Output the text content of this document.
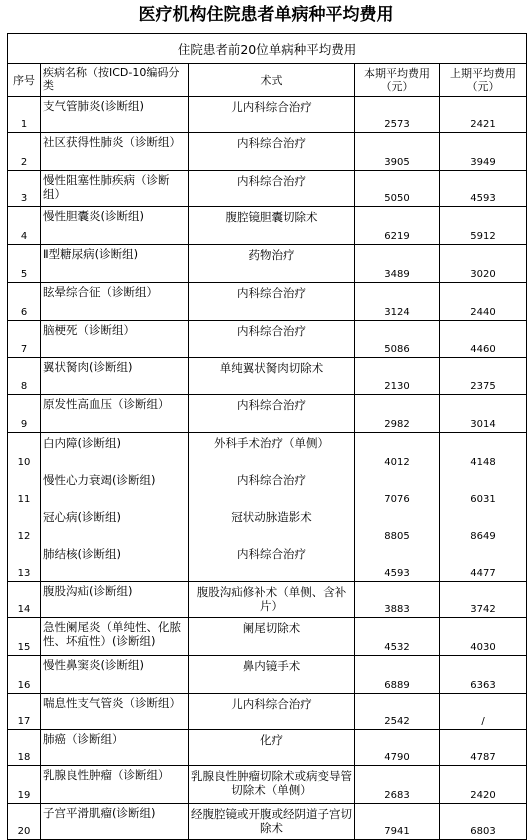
医疗机构住院患者单病种平均费用
住院患者前20位单病种平均费用				
序号	疾病名称（按ICD-10编码分类	术式	本期平均费用（元）	上期平均费用（元）
1	支气管肺炎(诊断组)	儿内科综合治疗	2573	2421
2	社区获得性肺炎（诊断组）	内科综合治疗	3905	3949
3	慢性阻塞性肺疾病（诊断组）	内科综合治疗	5050	4593
4	慢性胆囊炎(诊断组)	腹腔镜胆囊切除术	6219	5912
5	Ⅱ型糖尿病(诊断组)	药物治疗	3489	3020
6	眩晕综合征（诊断组）	内科综合治疗	3124	2440
7	脑梗死（诊断组）	内科综合治疗	5086	4460
8	翼状胬肉(诊断组)	单纯翼状胬肉切除术	2130	2375
9	原发性高血压（诊断组）	内科综合治疗	2982	3014
10	白内障(诊断组)	外科手术治疗（单侧）	4012	4148
11	慢性心力衰竭(诊断组)	内科综合治疗	7076	6031
12	冠心病(诊断组)	冠状动脉造影术	8805	8649
13	肺结核(诊断组)	内科综合治疗	4593	4477
14	腹股沟疝(诊断组)	腹股沟疝修补术（单侧、含补片）	3883	3742
15	急性阑尾炎（单纯性、化脓性、坏疽性）(诊断组)	阑尾切除术	4532	4030
16	慢性鼻窦炎(诊断组)	鼻内镜手术	6889	6363
17	喘息性支气管炎（诊断组）	儿内科综合治疗	2542	/
18	肺癌（诊断组）	化疗	4790	4787
19	乳腺良性肿瘤（诊断组）	乳腺良性肿瘤切除术或病变导管切除术（单侧）	2683	2420
20	子宫平滑肌瘤(诊断组)	经腹腔镜或开腹或经阴道子宫切除术	7941	6803
